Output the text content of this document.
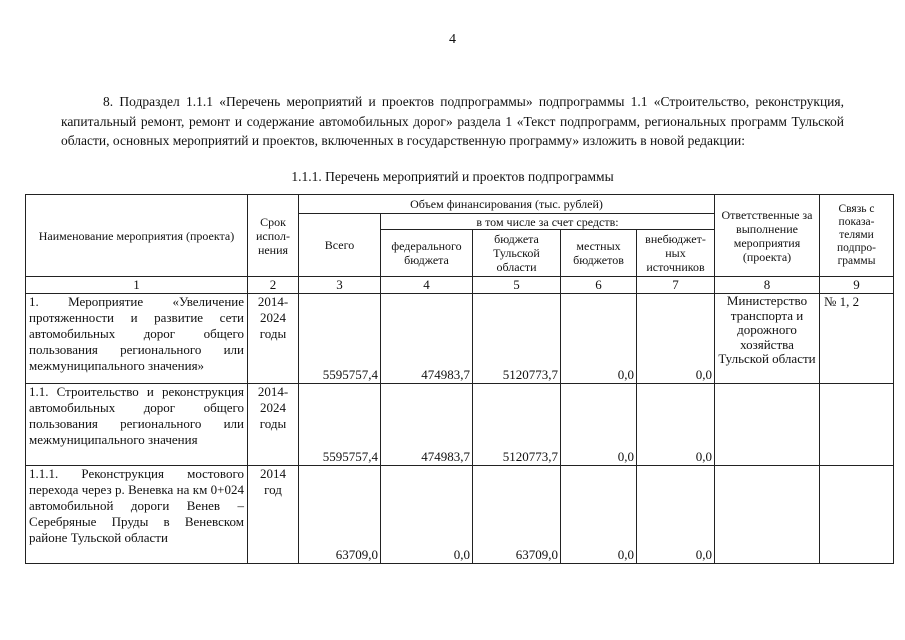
4

8. Подраздел 1.1.1 «Перечень мероприятий и проектов подпрограммы» подпрограммы 1.1 «Строительство, реконструкция, капитальный ремонт, ремонт и содержание автомобильных дорог» раздела 1 «Текст подпрограмм, региональных программ Тульской области, основных мероприятий и проектов, включенных в государственную программу» изложить в новой редакции:

1.1.1. Перечень мероприятий и проектов подпрограммы
Наименование мероприятия (проекта)	Срок испол-нения	Объем финансирования (тыс. рублей)					Ответственные за выполнение мероприятия (проекта)	Связь с показа-телями подпро-граммы
		Всего	в том числе за счет средств:					
			федерального бюджета	бюджета Тульской области	местных бюджетов	внебюджет-ных источников		
1	2	3	4	5	6	7	8	9
1. Мероприятие «Увеличение протяженности и развитие сети автомобильных дорог общего пользования регионального или межмуниципального значения»	2014-2024 годы	5595757,4	474983,7	5120773,7	0,0	0,0	Министерство транспорта и дорожного хозяйства Тульской области	№ 1, 2
1.1. Строительство и реконструкция автомобильных дорог общего пользования регионального или межмуниципального значения	2014-2024 годы	5595757,4	474983,7	5120773,7	0,0	0,0		
1.1.1. Реконструкция мостового перехода через р. Веневка на км 0+024 автомобильной дороги Венев – Серебряные Пруды в Веневском районе Тульской области	2014 год	63709,0	0,0	63709,0	0,0	0,0		
